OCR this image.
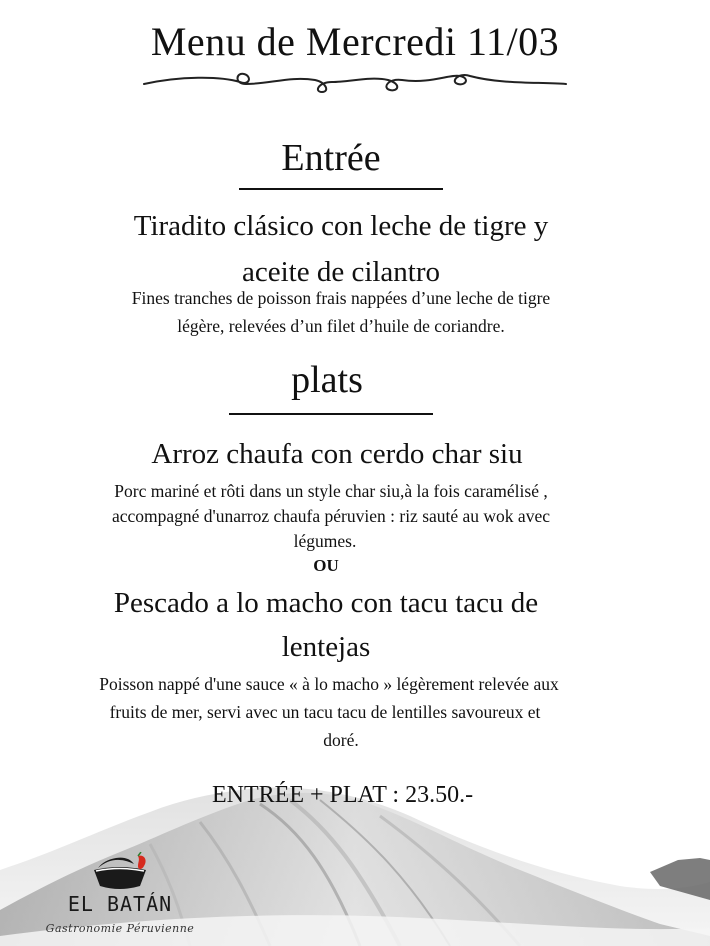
Menu de Mercredi 11/03
Entrée
Tiradito clásico con leche de tigre y
aceite de cilantro
Fines tranches de poisson frais nappées d’une leche de tigre
légère, relevées d’un filet d’huile de coriandre.
plats
Arroz chaufa con cerdo char siu
Porc mariné et rôti dans un style char siu,à la fois caramélisé ,
accompagné d'unarroz chaufa péruvien : riz sauté au wok avec
légumes.
OU
Pescado a lo macho con tacu tacu de
lentejas
Poisson nappé d'une sauce « à lo macho » légèrement relevée aux
fruits de mer, servi avec un tacu tacu de lentilles savoureux et
doré.
ENTRÉE + PLAT : 23.50.-
EL BATÁN
Gastronomie Péruvienne
